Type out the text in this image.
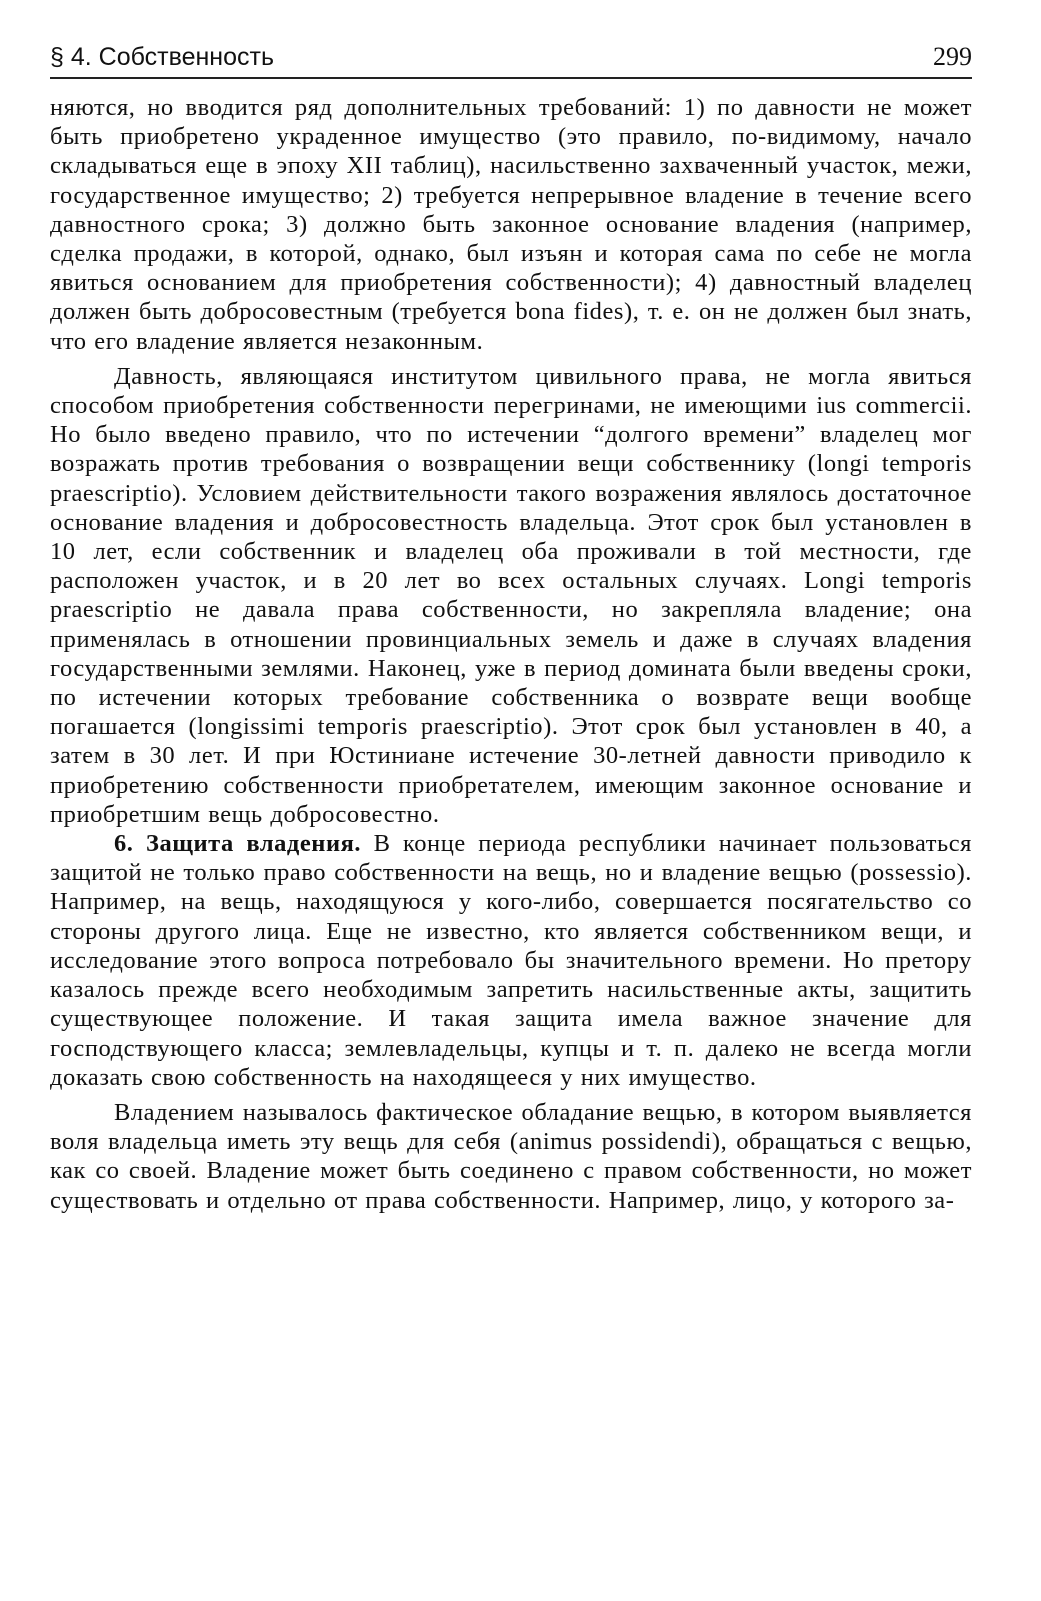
§ 4. Собственность	299

няются, но вводится ряд дополнительных требований: 1) по давности не может быть приобретено украденное имущество (это правило, по-видимому, начало складываться еще в эпоху XII таблиц), насильственно захваченный участок, межи, государственное имущество; 2) требуется непрерывное владение в течение всего давностного срока; 3) должно быть законное основание владения (например, сделка продажи, в которой, однако, был изъян и которая сама по себе не могла явиться основанием для приобретения собственности); 4) давностный владелец должен быть добросовестным (требуется bona fides), т. е. он не должен был знать, что его владение является незаконным.

Давность, являющаяся институтом цивильного права, не могла явиться способом приобретения собственности перегринами, не имеющими ius commercii. Но было введено правило, что по истечении “долгого времени” владелец мог возражать против требования о возвращении вещи собственнику (longi temporis praescriptio). Условием действительности такого возражения являлось достаточное основание владения и добросовестность владельца. Этот срок был установлен в 10 лет, если собственник и владелец оба проживали в той местности, где расположен участок, и в 20 лет во всех остальных случаях. Longi temporis praescriptio не давала права собственности, но закрепляла владение; она применялась в отношении провинциальных земель и даже в случаях владения государственными землями. Наконец, уже в период домината были введены сроки, по истечении которых требование собственника о возврате вещи вообще погашается (longissimi temporis praescriptio). Этот срок был установлен в 40, а затем в 30 лет. И при Юстиниане истечение 30-летней давности приводило к приобретению собственности приобретателем, имеющим законное основание и приобретшим вещь добросовестно.

6. Защита владения. В конце периода республики начинает пользоваться защитой не только право собственности на вещь, но и владение вещью (possessio). Например, на вещь, находящуюся у кого-либо, совершается посягательство со стороны другого лица. Еще не известно, кто является собственником вещи, и исследование этого вопроса потребовало бы значительного времени. Но претору казалось прежде всего необходимым запретить насильственные акты, защитить существующее положение. И такая защита имела важное значение для господствующего класса; землевладельцы, купцы и т. п. далеко не всегда могли доказать свою собственность на находящееся у них имущество.

Владением называлось фактическое обладание вещью, в котором выявляется воля владельца иметь эту вещь для себя (animus possidendi), обращаться с вещью, как со своей. Владение может быть соединено с правом собственности, но может существовать и отдельно от права собственности. Например, лицо, у которого за-
